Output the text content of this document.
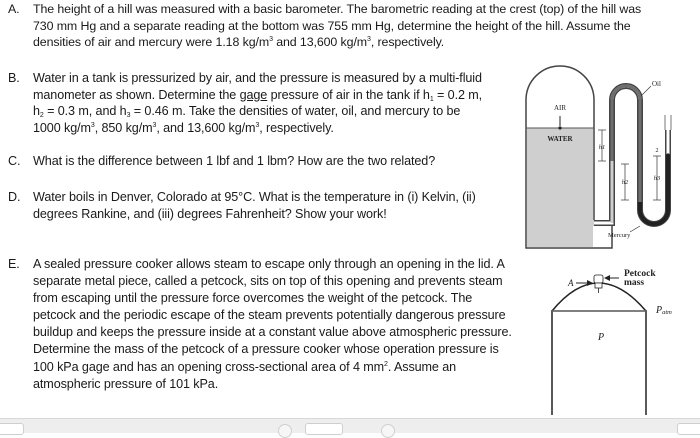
A.	The height of a hill was measured with a basic barometer. The barometric reading at the crest (top) of the hill was
730 mm Hg and a separate reading at the bottom was 755 mm Hg, determine the height of the hill. Assume the
densities of air and mercury were 1.18 $kg/m^3$ and 13,600 $kg/m^3$, respectively.
B.	Water in a tank is pressurized by air, and the pressure is measured by a multi-fluid
manometer as shown. Determine the gage pressure of air in the tank if $h_1 = 0.2$ m,
$h_2 = 0.3$ m, and $h_3 = 0.46$ m. Take the densities of water, oil, and mercury to be
1000 $kg/m^3$, 850 $kg/m^3$, and 13,600 $kg/m^3$, respectively.
C. What is the difference between 1 lbf and 1 lbm? How are the two related?
D. Water boils in Denver, Colorado at 95°C. What is the temperature in (i) Kelvin, (ii)
degrees Rankine, and (iii) degrees Fahrenheit? Show your work!
E.	A sealed pressure cooker allows steam to escape only through an opening in the lid. A
separate metal piece, called a petcock, sits on top of this opening and prevents steam
from escaping until the pressure force overcomes the weight of the petcock. The
petcock and the periodic escape of the steam prevents potentially dangerous pressure
buildup and keeps the pressure inside at a constant value above atmospheric pressure.
Determine the mass of the petcock of a pressure cooker whose operation pressure is
100 kPa gage and has an opening cross-sectional area of 4 $mm^2$. Assume an
atmospheric pressure of 101 kPa.
AIR
WATER
h1
h2
h3
2
Oil
Mercury
A
Petcock
mass
Patm
P
